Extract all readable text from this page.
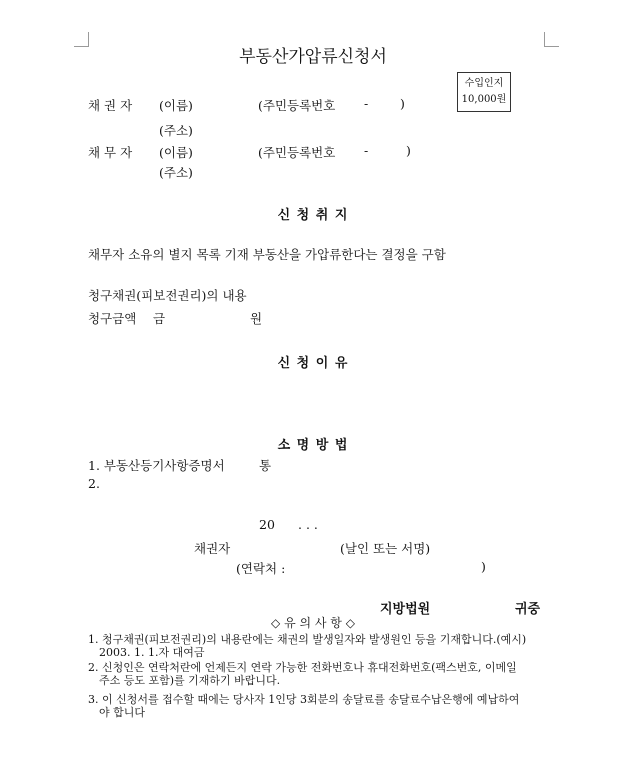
부동산가압류신청서
수입인지
10,000원
채 권 자 (이름)	(주민등록번호 -	)
(주소)
채 무 자 (이름)	(주민등록번호 -	)
(주소)
신 청 취 지
채무자 소유의 별지 목록 기재 부동산을 가압류한다는 결정을 구함
청구채권(피보전권리)의 내용
청구금액 금	원
신 청 이 유
소 명 방 법
1. 부동산등기사항증명서	통
2.
20 . . .
채권자	(날인 또는 서명)
(연락처 :	)
지방법원	귀중
◇ 유 의 사 항 ◇
1. 청구채권(피보전권리)의 내용란에는 채권의 발생일자와 발생원인 등을 기재합니다.(예시)
2003. 1. 1.자 대여금
2. 신청인은 연락처란에 언제든지 연락 가능한 전화번호나 휴대전화번호(팩스번호, 이메일
주소 등도 포함)를 기재하기 바랍니다.
3. 이 신청서를 접수할 때에는 당사자 1인당 3회분의 송달료를 송달료수납은행에 예납하여
야 합니다
